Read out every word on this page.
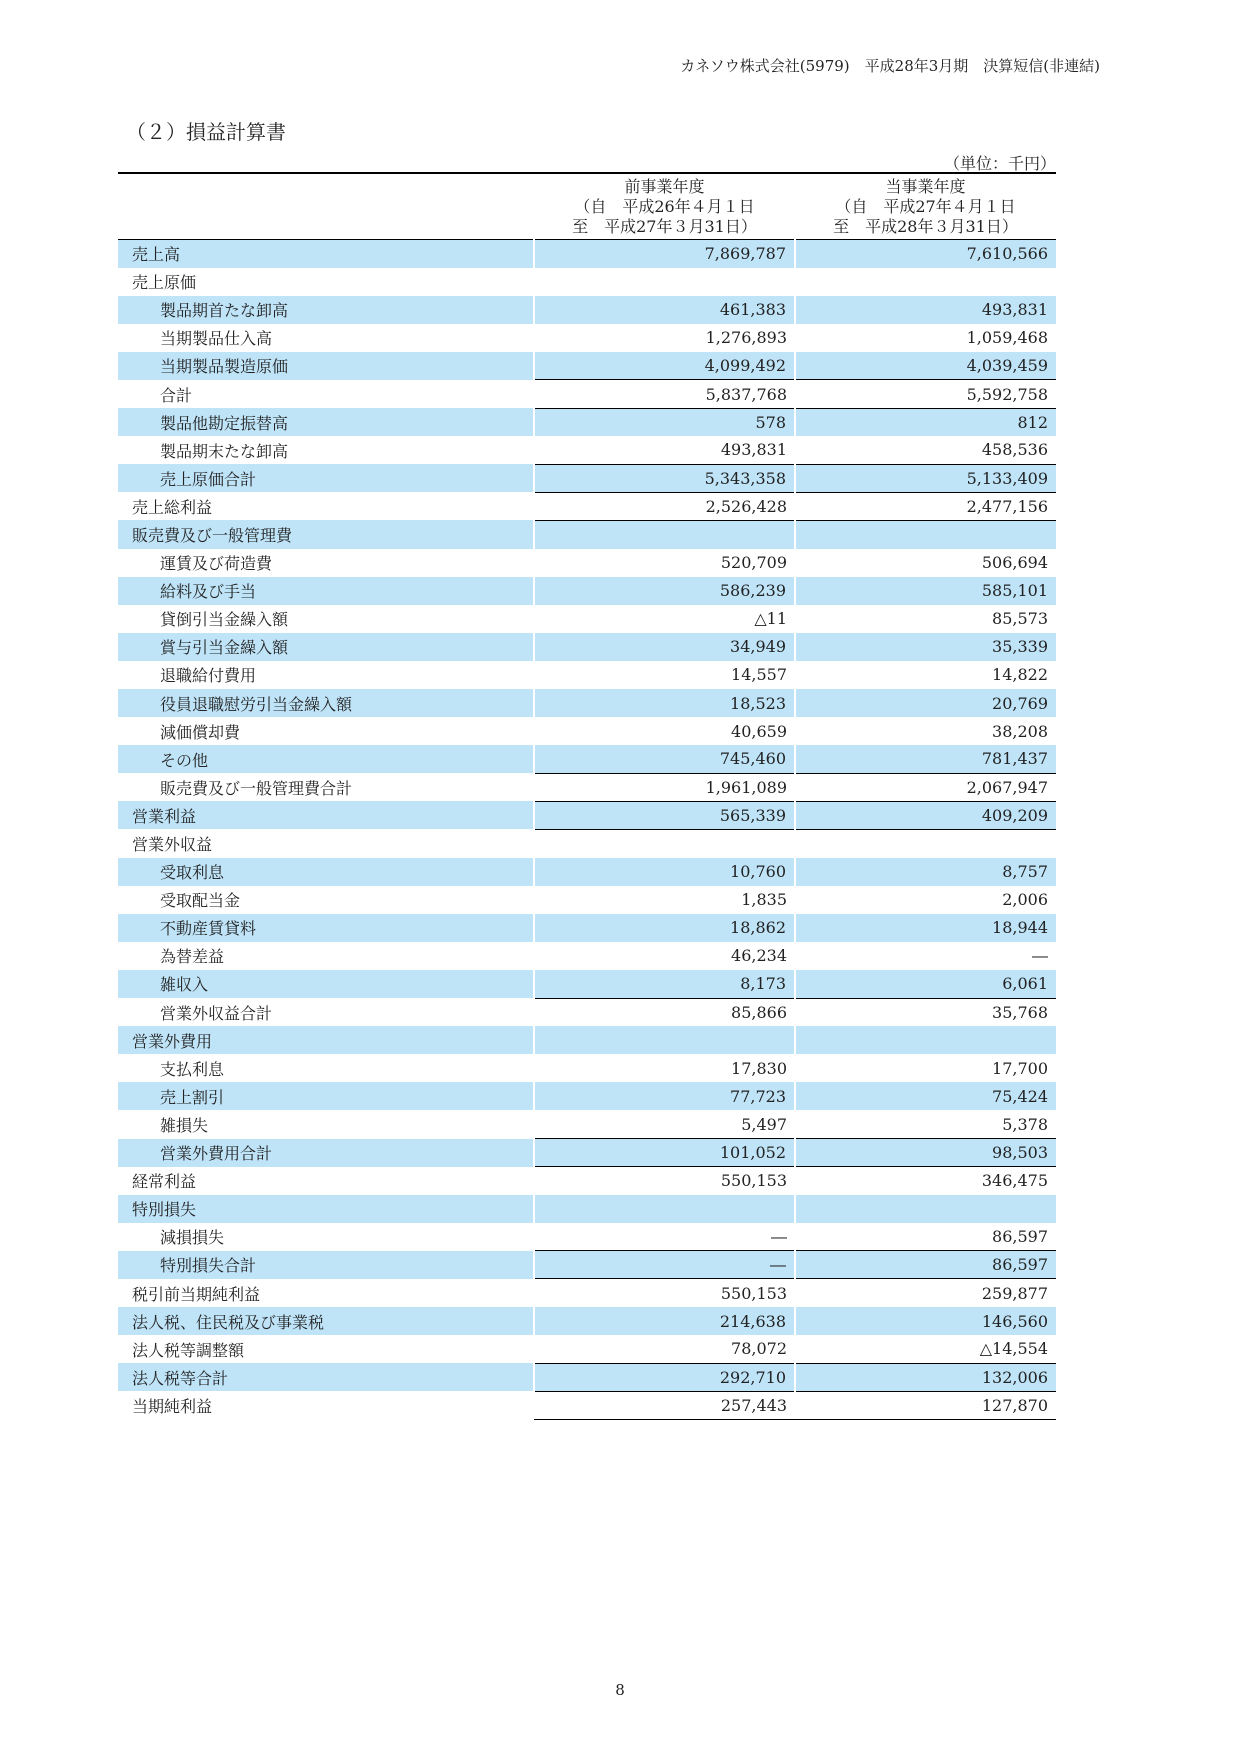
カネソウ株式会社(5979)　平成28年3月期　決算短信(非連結)
（２）損益計算書
（単位：千円）

	前事業年度
（自　平成26年４月１日
至　平成27年３月31日）	当事業年度
（自　平成27年４月１日
至　平成28年３月31日）

売上高	7,869,787	7,610,566
売上原価		
製品期首たな卸高	461,383	493,831
当期製品仕入高	1,276,893	1,059,468
当期製品製造原価	4,099,492	4,039,459
合計	5,837,768	5,592,758
製品他勘定振替高	578	812
製品期末たな卸高	493,831	458,536
売上原価合計	5,343,358	5,133,409
売上総利益	2,526,428	2,477,156
販売費及び一般管理費		
運賃及び荷造費	520,709	506,694
給料及び手当	586,239	585,101
貸倒引当金繰入額	△11	85,573
賞与引当金繰入額	34,949	35,339
退職給付費用	14,557	14,822
役員退職慰労引当金繰入額	18,523	20,769
減価償却費	40,659	38,208
その他	745,460	781,437
販売費及び一般管理費合計	1,961,089	2,067,947
営業利益	565,339	409,209
営業外収益		
受取利息	10,760	8,757
受取配当金	1,835	2,006
不動産賃貸料	18,862	18,944
為替差益	46,234	―
雑収入	8,173	6,061
営業外収益合計	85,866	35,768
営業外費用		
支払利息	17,830	17,700
売上割引	77,723	75,424
雑損失	5,497	5,378
営業外費用合計	101,052	98,503
経常利益	550,153	346,475
特別損失		
減損損失	―	86,597
特別損失合計	―	86,597
税引前当期純利益	550,153	259,877
法人税、住民税及び事業税	214,638	146,560
法人税等調整額	78,072	△14,554
法人税等合計	292,710	132,006
当期純利益	257,443	127,870
8
